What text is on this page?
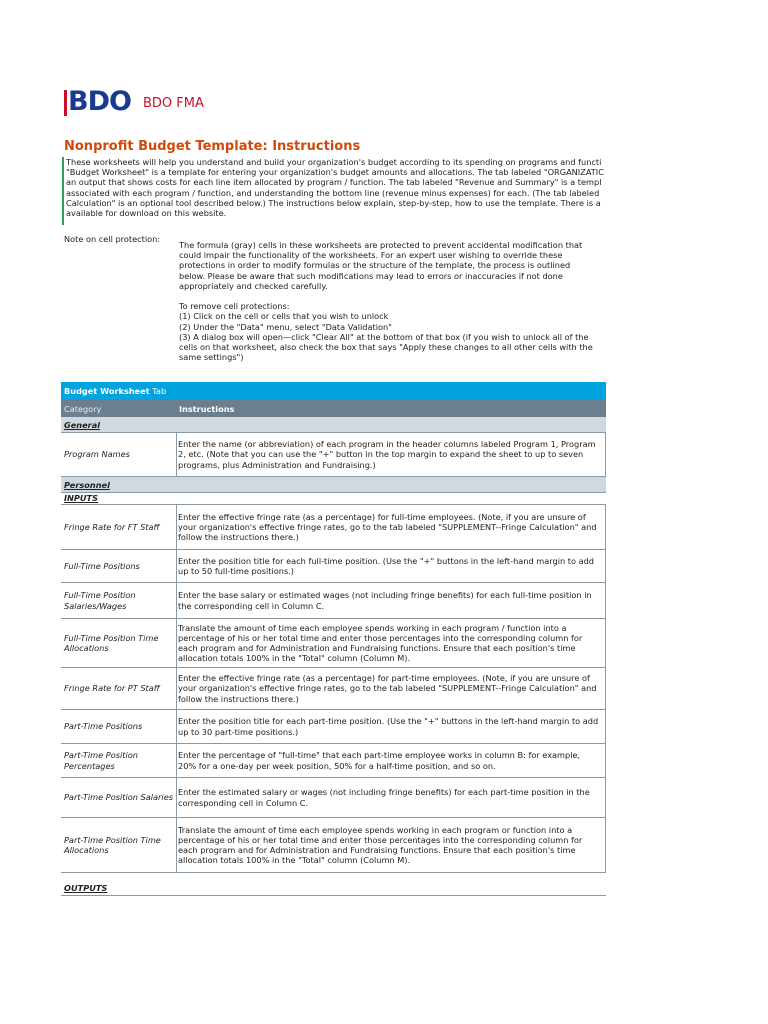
BDO BDO FMA
Nonprofit Budget Template: Instructions
These worksheets will help you understand and build your organization's budget according to its spending on programs and functi
"Budget Worksheet" is a template for entering your organization's budget amounts and allocations. The tab labeled "ORGANIZATIC
an output that shows costs for each line item allocated by program / function. The tab labeled "Revenue and Summary" is a templ
associated with each program / function, and understanding the bottom line (revenue minus expenses) for each. (The tab labeled
Calculation" is an optional tool described below.) The instructions below explain, step-by-step, how to use the template. There is a
available for download on this website.
Note on cell protection:
The formula (gray) cells in these worksheets are protected to prevent accidental modification that
could impair the functionality of the worksheets. For an expert user wishing to override these
protections in order to modify formulas or the structure of the template, the process is outlined
below. Please be aware that such modifications may lead to errors or inaccuracies if not done
appropriately and checked carefully.

To remove cell protections:
(1) Click on the cell or cells that you wish to unlock
(2) Under the "Data" menu, select "Data Validation"
(3) A dialog box will open—click "Clear All" at the bottom of that box (if you wish to unlock all of the
cells on that worksheet, also check the box that says "Apply these changes to all other cells with the
same settings")
Budget Worksheet Tab
Category	Instructions
General
Program Names
Enter the name (or abbreviation) of each program in the header columns labeled Program 1, Program
2, etc. (Note that you can use the "+" button in the top margin to expand the sheet to up to seven
programs, plus Administration and Fundraising.)
Personnel
INPUTS
Fringe Rate for FT Staff
Enter the effective fringe rate (as a percentage) for full-time employees. (Note, if you are unsure of
your organization's effective fringe rates, go to the tab labeled "SUPPLEMENT--Fringe Calculation" and
follow the instructions there.)
Full-Time Positions
Enter the position title for each full-time position. (Use the "+" buttons in the left-hand margin to add
up to 50 full-time positions.)
Full-Time Position
Salaries/Wages
Enter the base salary or estimated wages (not including fringe benefits) for each full-time position in
the corresponding cell in Column C.
Full-Time Position Time
Allocations
Translate the amount of time each employee spends working in each program / function into a
percentage of his or her total time and enter those percentages into the corresponding column for
each program and for Administration and Fundraising functions. Ensure that each position's time
allocation totals 100% in the "Total" column (Column M).
Fringe Rate for PT Staff
Enter the effective fringe rate (as a percentage) for part-time employees. (Note, if you are unsure of
your organization's effective fringe rates, go to the tab labeled "SUPPLEMENT--Fringe Calculation" and
follow the instructions there.)
Part-Time Positions
Enter the position title for each part-time position. (Use the "+" buttons in the left-hand margin to add
up to 30 part-time positions.)
Part-Time Position
Percentages
Enter the percentage of "full-time" that each part-time employee works in column B: for example,
20% for a one-day per week position, 50% for a half-time position, and so on.
Part-Time Position Salaries
Enter the estimated salary or wages (not including fringe benefits) for each part-time position in the
corresponding cell in Column C.
Part-Time Position Time
Allocations
Translate the amount of time each employee spends working in each program or function into a
percentage of his or her total time and enter those percentages into the corresponding column for
each program and for Administration and Fundraising functions. Ensure that each position's time
allocation totals 100% in the "Total" column (Column M).
OUTPUTS
